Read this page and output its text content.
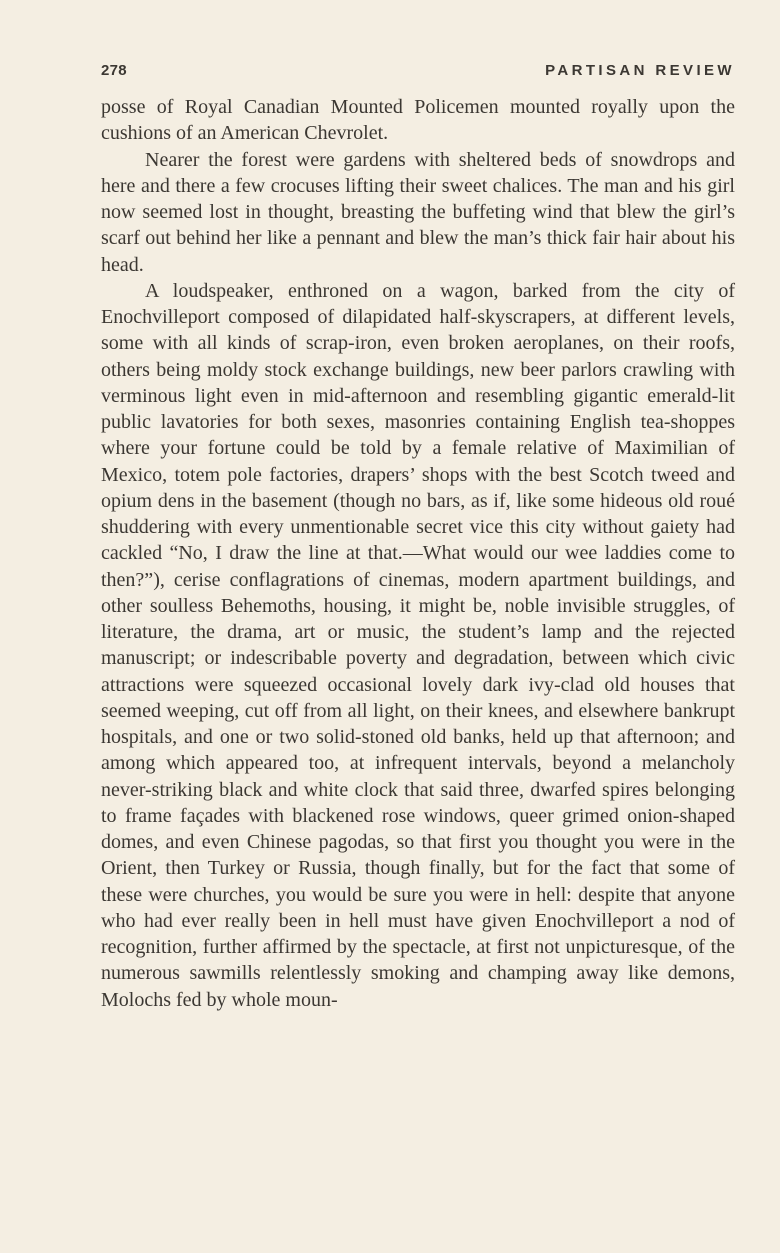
278	PARTISAN REVIEW

posse of Royal Canadian Mounted Policemen mounted royally upon the cushions of an American Chevrolet.

Nearer the forest were gardens with sheltered beds of snowdrops and here and there a few crocuses lifting their sweet chalices. The man and his girl now seemed lost in thought, breasting the buffeting wind that blew the girl’s scarf out behind her like a pennant and blew the man’s thick fair hair about his head.

A loudspeaker, enthroned on a wagon, barked from the city of Enochvilleport composed of dilapidated half-skyscrapers, at different levels, some with all kinds of scrap-iron, even broken aeroplanes, on their roofs, others being moldy stock exchange buildings, new beer parlors crawling with verminous light even in mid-afternoon and resembling gigantic emerald-lit public lavatories for both sexes, masonries containing English tea-shoppes where your fortune could be told by a female relative of Maximilian of Mexico, totem pole factories, drapers’ shops with the best Scotch tweed and opium dens in the basement (though no bars, as if, like some hideous old roué shuddering with every unmentionable secret vice this city without gaiety had cackled “No, I draw the line at that.—What would our wee laddies come to then?”), cerise conflagrations of cinemas, modern apartment buildings, and other soulless Behemoths, housing, it might be, noble invisible struggles, of literature, the drama, art or music, the student’s lamp and the rejected manuscript; or indescribable poverty and degradation, between which civic attractions were squeezed occasional lovely dark ivy-clad old houses that seemed weeping, cut off from all light, on their knees, and elsewhere bankrupt hospitals, and one or two solid-stoned old banks, held up that afternoon; and among which appeared too, at infrequent intervals, beyond a melancholy never-striking black and white clock that said three, dwarfed spires belonging to frame façades with blackened rose windows, queer grimed onion-shaped domes, and even Chinese pagodas, so that first you thought you were in the Orient, then Turkey or Russia, though finally, but for the fact that some of these were churches, you would be sure you were in hell: despite that anyone who had ever really been in hell must have given Enochvilleport a nod of recognition, further affirmed by the spectacle, at first not unpicturesque, of the numerous sawmills relentlessly smoking and champing away like demons, Molochs fed by whole moun-
